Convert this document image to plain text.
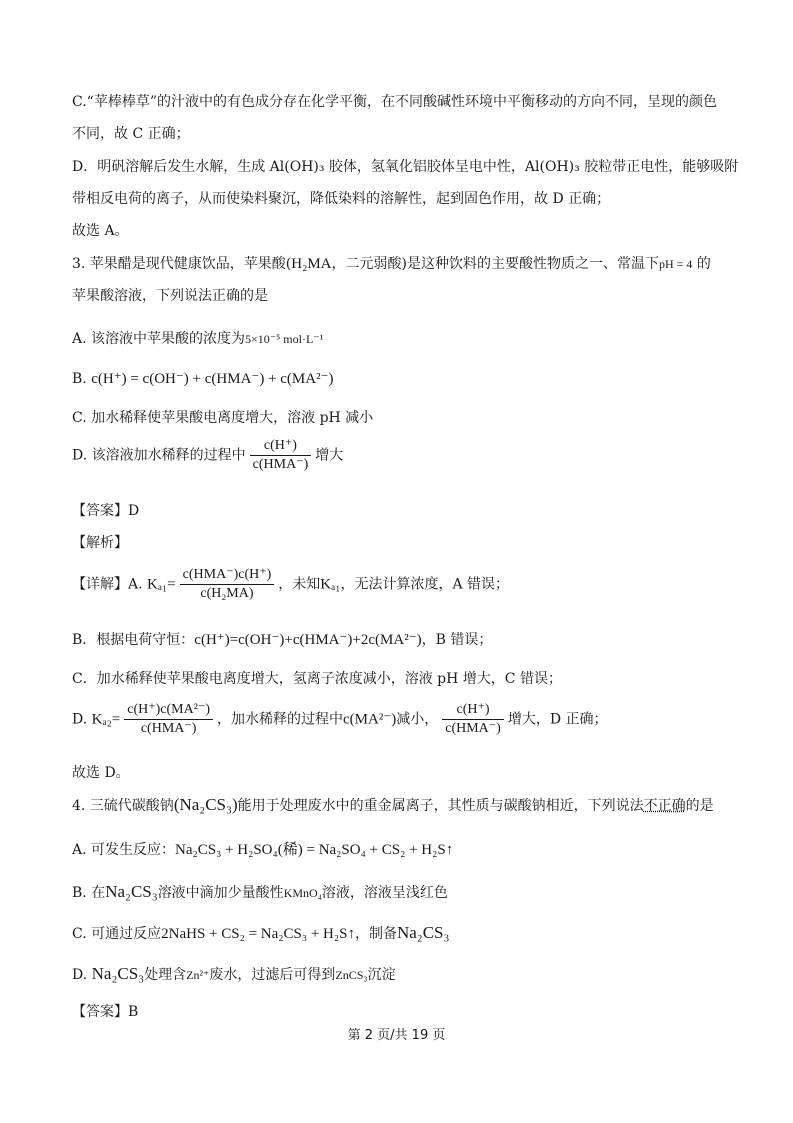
C.“苹棒棒草”的汁液中的有色成分存在化学平衡，在不同酸碱性环境中平衡移动的方向不同，呈现的颜色
不同，故 C 正确；
D．明矾溶解后发生水解，生成 Al(OH)₃ 胶体，氢氧化铝胶体呈电中性，Al(OH)₃ 胶粒带正电性，能够吸附
带相反电荷的离子，从而使染料聚沉，降低染料的溶解性，起到固色作用，故 D 正确；
故选 A。
3. 苹果醋是现代健康饮品，苹果酸(H₂MA，二元弱酸)是这种饮料的主要酸性物质之一、常温下pH = 4 的
苹果酸溶液，下列说法正确的是
A. 该溶液中苹果酸的浓度为5×10⁻⁵ mol·L⁻¹
B. c(H⁺) = c(OH⁻) + c(HMA⁻) + c(MA²⁻)
C. 加水稀释使苹果酸电离度增大，溶液 pH 减小
D. 该溶液加水稀释的过程中 $\frac{c(H^+)}{\text{c(HMA⁻)}}$ 增大
【答案】D
【解析】
【详解】A. $K_{a1}= \frac{\text{c(HMA⁻)c(H⁺)}}{\text{c(H₂MA)}}$ ，未知Kₐ₁，无法计算浓度，A 错误；
B．根据电荷守恒：c(H⁺)=c(OH⁻)+c(HMA⁻)+2c(MA²⁻)，B 错误；
C．加水稀释使苹果酸电离度增大，氢离子浓度减小，溶液 pH 增大，C 错误；
D. $K_{a2}= \frac{\text{c(H⁺)c(MA²⁻)}}{\text{c(HMA⁻)}}$ ，加水稀释的过程中c(MA²⁻)减小， $\frac{c(H^+)}{\text{c(HMA⁻)}}$ 增大，D 正确；
故选 D。
4. 三硫代碳酸钠(Na₂CS₃)能用于处理废水中的重金属离子，其性质与碳酸钠相近，下列说法不正确的是
A. 可发生反应：Na₂CS₃ + H₂SO₄(稀) = Na₂SO₄ + CS₂ + H₂S↑
B. 在Na₂CS₃溶液中滴加少量酸性KMnO₄溶液，溶液呈浅红色
C. 可通过反应2NaHS + CS₂ = Na₂CS₃ + H₂S↑，制备Na₂CS₃
D. Na₂CS₃处理含Zn²⁺废水，过滤后可得到ZnCS₃沉淀
【答案】B
第 2 页/共 19 页
